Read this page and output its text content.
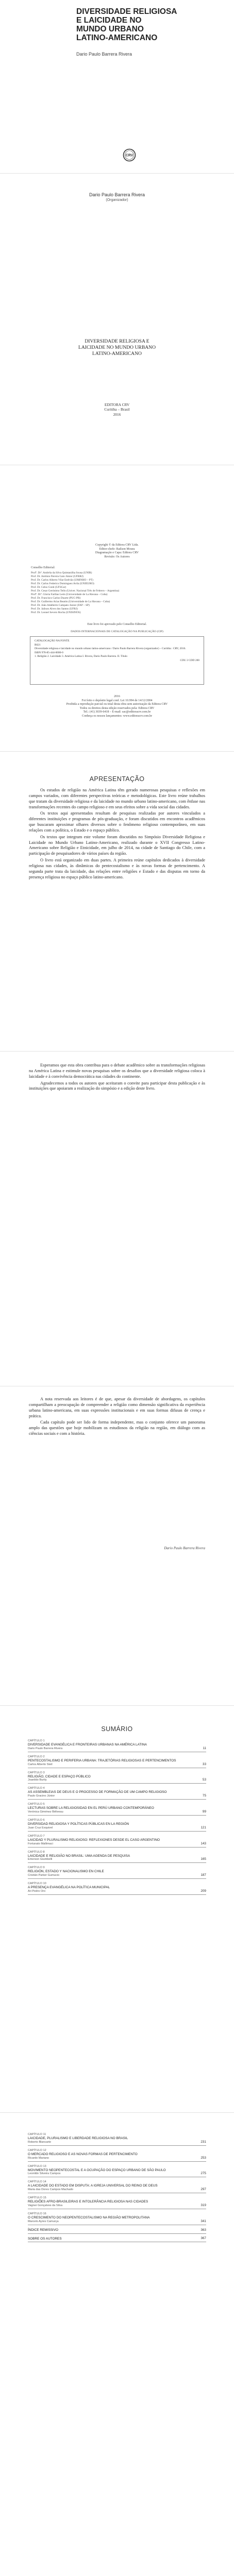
DIVERSIDADE RELIGIOSA
E LAICIDADE NO
MUNDO URBANO
LATINO-AMERICANO
Dario Paulo Barrera Rivera
CRV
Dario Paulo Barrera Rivera
(Organizador)
DIVERSIDADE RELIGIOSA E
LAICIDADE NO MUNDO URBANO
LATINO-AMERICANO
EDITORA CRV
Curitiba – Brasil
2016
Copyright © da Editora CRV Ltda.
Editor-chefe: Railson Moura
Diagramação e Capa: Editora CRV
Revisão: Os Autores
Conselho Editorial:
Profª. Drª. Andréia da Silva Quintanilha Sousa (UNIR)
Prof. Dr. Antônio Pereira Gaio Júnior (UFRRJ)
Prof. Dr. Carlos Alberto Vilar Estêvão (UMINHO – PT)
Prof. Dr. Carlos Federico Dominguez Avila (UNIEURO)
Prof. Dr. Celso Conti (UFSCar)
Prof. Dr. Cesar Gerónimo Tello (Univer. Nacional Três de Febrero – Argentina)
Profª. Drª. Gloria Fariñas León (Universidade de La Havana – Cuba)
Prof. Dr. Francisco Carlos Duarte (PUC-PR)
Prof. Dr. Guillermo Arias Beatón (Universidade de La Havana – Cuba)
Prof. Dr. João Adalberto Campato Junior (FAP – SP)
Prof. Dr. Jailson Alves dos Santos (UFRJ)
Prof. Dr. Leonel Severo Rocha (UNISINOS)
Este livro foi aprovado pelo Conselho Editorial.
DADOS INTERNACIONAIS DE CATALOGAÇÃO NA PUBLICAÇÃO (CIP)
CATALOGAÇÃO NA FONTE
R621
Diversidade religiosa e laicidade no mundo urbano latino-americano / Dario Paulo Barrera Rivera (organizador) – Curitiba : CRV, 2016.
ISBN 978-85-444-0000-0
1. Religião 2. Laicidade 3. América Latina I. Rivera, Dario Paulo Barrera. II. Título
CDU 2 CDD 200
2016
Foi feito o depósito legal conf. Lei 10.994 de 14/12/2004
Proibida a reprodução parcial ou total desta obra sem autorização da Editora CRV
Todos os direitos desta edição reservados pela: Editora CRV
Tel.: (41) 3039-6418 – E-mail: sac@editoracrv.com.br
Conheça os nossos lançamentos: www.editoracrv.com.br
APRESENTAÇÃO

Os estudos de religião na América Latina têm gerado numerosas pesquisas e reflexões em campos variados, com diferentes perspectivas teóricas e metodológicas. Este livro reúne trabalhos que tratam da diversidade religiosa e da laicidade no mundo urbano latino-americano, com ênfase nas transformações recentes do campo religioso e em seus efeitos sobre a vida social das cidades.

Os textos aqui apresentados resultam de pesquisas realizadas por autores vinculados a diferentes instituições e programas de pós-graduação, e foram discutidos em encontros acadêmicos que buscaram aproximar olhares diversos sobre o fenômeno religioso contemporâneo, em suas relações com a política, o Estado e o espaço público.

Os textos que integram este volume foram discutidos no Simpósio Diversidade Religiosa e Laicidade no Mundo Urbano Latino-Americano, realizado durante o XVII Congresso Latino-Americano sobre Religião e Etnicidade, em julho de 2014, na cidade de Santiago do Chile, com a participação de pesquisadores de vários países da região.

O livro está organizado em duas partes. A primeira reúne capítulos dedicados à diversidade religiosa nas cidades, às dinâmicas do pentecostalismo e às novas formas de pertencimento. A segunda parte trata da laicidade, das relações entre religiões e Estado e das disputas em torno da presença religiosa no espaço público latino-americano.

Esperamos que esta obra contribua para o debate acadêmico sobre as transformações religiosas na América Latina e estimule novas pesquisas sobre os desafios que a diversidade religiosa coloca à laicidade e à convivência democrática nas cidades do continente.

Agradecemos a todos os autores que aceitaram o convite para participar desta publicação e às instituições que apoiaram a realização do simpósio e a edição deste livro.

A nota reservada aos leitores é de que, apesar da diversidade de abordagens, os capítulos compartilham a preocupação de compreender a religião como dimensão significativa da experiência urbana latino-americana, em suas expressões institucionais e em suas formas difusas de crença e prática.

Cada capítulo pode ser lido de forma independente, mas o conjunto oferece um panorama amplo das questões que hoje mobilizam os estudiosos da religião na região, em diálogo com as ciências sociais e com a história.

Dario Paulo Barrera Rivera
SUMÁRIO
CAPÍTULO 1
DIVERSIDADE EVANGÉLICA E FRONTEIRAS URBANAS NA AMÉRICA LATINA
Dario Paulo Barrera Rivera	11
CAPÍTULO 2
PENTECOSTALISMO E PERIFERIA URBANA: TRAJETÓRIAS RELIGIOSAS E PERTENCIMENTOS
Carlos Alberto Steil	33
CAPÍTULO 3
RELIGIÃO, CIDADE E ESPAÇO PÚBLICO
Joanildo Burity	53
CAPÍTULO 4
AS ASSEMBLEIAS DE DEUS E O PROCESSO DE FORMAÇÃO DE UM CAMPO RELIGIOSO
Paulo Gracino Júnior	75
CAPÍTULO 5
LECTURAS SOBRE LA RELIGIOSIDAD EN EL PERÚ URBANO CONTEMPORÁNEO
Verónica Giménez Béliveau	99
CAPÍTULO 6
DIVERSIDAD RELIGIOSA Y POLÍTICAS PÚBLICAS EN LA REGIÓN
Juan Cruz Esquivel	121
CAPÍTULO 7
LAICIDAD Y PLURALISMO RELIGIOSO: REFLEXIONES DESDE EL CASO ARGENTINO
Fortunato Mallimaci	143
CAPÍTULO 8
LAICIDADE E RELIGIÃO NO BRASIL: UMA AGENDA DE PESQUISA
Emerson Giumbelli	165
CAPÍTULO 9
RELIGIÓN, ESTADO Y NACIONALISMO EN CHILE
Cristián Parker Gumucio	187
CAPÍTULO 10
A PRESENÇA EVANGÉLICA NA POLÍTICA MUNICIPAL
Ari Pedro Oro	209
CAPÍTULO 11
LAICIDADE, PLURALISMO E LIBERDADE RELIGIOSA NO BRASIL
Roberto Blancarte	231
CAPÍTULO 12
O MERCADO RELIGIOSO E AS NOVAS FORMAS DE PERTENCIMENTO
Ricardo Mariano	253
CAPÍTULO 13
MOVIMENTO NEOPENTECOSTAL E A OCUPAÇÃO DO ESPAÇO URBANO DE SÃO PAULO
Leonildo Silveira Campos	275
CAPÍTULO 14
A LAICIDADE DO ESTADO EM DISPUTA: A IGREJA UNIVERSAL DO REINO DE DEUS
Maria das Dores Campos Machado	297
CAPÍTULO 15
RELIGIÕES AFRO-BRASILEIRAS E INTOLERÂNCIA RELIGIOSA NAS CIDADES
Vagner Gonçalves da Silva	319
CAPÍTULO 16
O CRESCIMENTO DO NEOPENTECOSTALISMO NA REGIÃO METROPOLITANA
Marcelo Ayres Camurça	341
ÍNDICE REMISSIVO	363
SOBRE OS AUTORES	367
